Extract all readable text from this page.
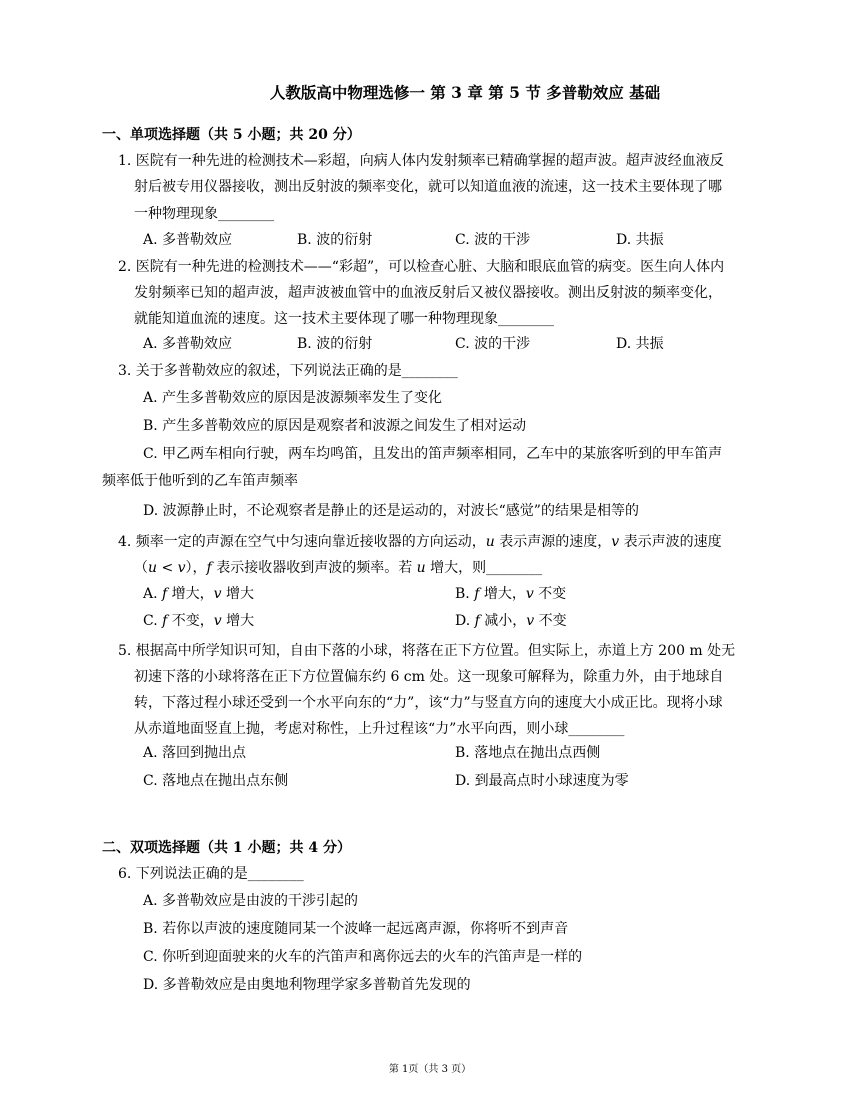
人教版高中物理选修一 第 3 章 第 5 节 多普勒效应 基础
一、单项选择题（共 5 小题；共 20 分）
1. 医院有一种先进的检测技术—彩超，向病人体内发射频率已精确掌握的超声波。超声波经血液反
射后被专用仪器接收，测出反射波的频率变化，就可以知道血液的流速，这一技术主要体现了哪
一种物理现象________
A. 多普勒效应	B. 波的衍射	C. 波的干涉	D. 共振
2. 医院有一种先进的检测技术——“彩超”，可以检查心脏、大脑和眼底血管的病变。医生向人体内
发射频率已知的超声波，超声波被血管中的血液反射后又被仪器接收。测出反射波的频率变化，
就能知道血流的速度。这一技术主要体现了哪一种物理现象________
A. 多普勒效应	B. 波的衍射	C. 波的干涉	D. 共振
3. 关于多普勒效应的叙述，下列说法正确的是________
A. 产生多普勒效应的原因是波源频率发生了变化
B. 产生多普勒效应的原因是观察者和波源之间发生了相对运动
C. 甲乙两车相向行驶，两车均鸣笛，且发出的笛声频率相同，乙车中的某旅客听到的甲车笛声
频率低于他听到的乙车笛声频率
D. 波源静止时，不论观察者是静止的还是运动的，对波长“感觉”的结果是相等的
4. 频率一定的声源在空气中匀速向靠近接收器的方向运动，𝑢 表示声源的速度，𝑣 表示声波的速度
（𝑢 < 𝑣），𝑓 表示接收器收到声波的频率。若 𝑢 增大，则________
A. 𝑓 增大，𝑣 增大	B. 𝑓 增大，𝑣 不变
C. 𝑓 不变，𝑣 增大	D. 𝑓 减小，𝑣 不变
5. 根据高中所学知识可知，自由下落的小球，将落在正下方位置。但实际上，赤道上方 200 m 处无
初速下落的小球将落在正下方位置偏东约 6 cm 处。这一现象可解释为，除重力外，由于地球自
转，下落过程小球还受到一个水平向东的“力”，该“力”与竖直方向的速度大小成正比。现将小球
从赤道地面竖直上抛，考虑对称性，上升过程该“力”水平向西，则小球________
A. 落回到抛出点	B. 落地点在抛出点西侧
C. 落地点在抛出点东侧	D. 到最高点时小球速度为零
二、双项选择题（共 1 小题；共 4 分）
6. 下列说法正确的是________
A. 多普勒效应是由波的干涉引起的
B. 若你以声波的速度随同某一个波峰一起远离声源，你将听不到声音
C. 你听到迎面驶来的火车的汽笛声和离你远去的火车的汽笛声是一样的
D. 多普勒效应是由奥地利物理学家多普勒首先发现的
第 1页（共 3 页）
